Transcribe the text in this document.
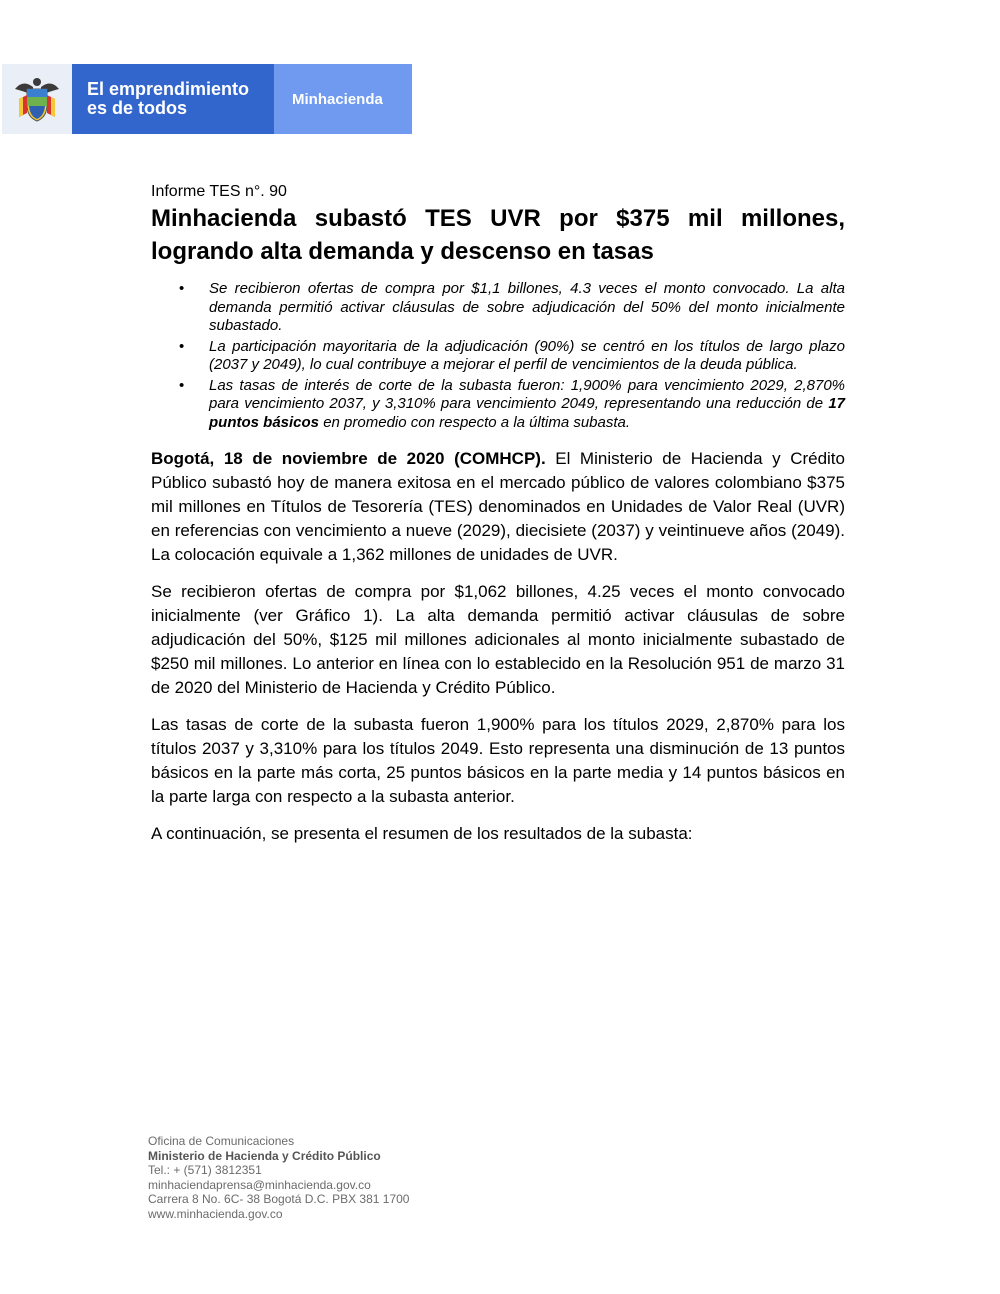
El emprendimiento
es de todos	Minhacienda

Informe TES n°. 90

Minhacienda subastó TES UVR por $375 mil millones, logrando alta demanda y descenso en tasas
• Se recibieron ofertas de compra por $1,1 billones, 4.3 veces el monto convocado. La alta demanda permitió activar cláusulas de sobre adjudicación del 50% del monto inicialmente subastado.
• La participación mayoritaria de la adjudicación (90%) se centró en los títulos de largo plazo (2037 y 2049), lo cual contribuye a mejorar el perfil de vencimientos de la deuda pública.
• Las tasas de interés de corte de la subasta fueron: 1,900% para vencimiento 2029, 2,870% para vencimiento 2037, y 3,310% para vencimiento 2049, representando una reducción de 17 puntos básicos en promedio con respecto a la última subasta.

Bogotá, 18 de noviembre de 2020 (COMHCP). El Ministerio de Hacienda y Crédito Público subastó hoy de manera exitosa en el mercado público de valores colombiano $375 mil millones en Títulos de Tesorería (TES) denominados en Unidades de Valor Real (UVR) en referencias con vencimiento a nueve (2029), diecisiete (2037) y veintinueve años (2049). La colocación equivale a 1,362 millones de unidades de UVR.

Se recibieron ofertas de compra por $1,062 billones, 4.25 veces el monto convocado inicialmente (ver Gráfico 1). La alta demanda permitió activar cláusulas de sobre adjudicación del 50%, $125 mil millones adicionales al monto inicialmente subastado de $250 mil millones. Lo anterior en línea con lo establecido en la Resolución 951 de marzo 31 de 2020 del Ministerio de Hacienda y Crédito Público.

Las tasas de corte de la subasta fueron 1,900% para los títulos 2029, 2,870% para los títulos 2037 y 3,310% para los títulos 2049. Esto representa una disminución de 13 puntos básicos en la parte más corta, 25 puntos básicos en la parte media y 14 puntos básicos en la parte larga con respecto a la subasta anterior.

A continuación, se presenta el resumen de los resultados de la subasta:

Oficina de Comunicaciones
Ministerio de Hacienda y Crédito Público
Tel.: + (571) 3812351
minhaciendaprensa@minhacienda.gov.co
Carrera 8 No. 6C- 38 Bogotá D.C. PBX 381 1700
www.minhacienda.gov.co
